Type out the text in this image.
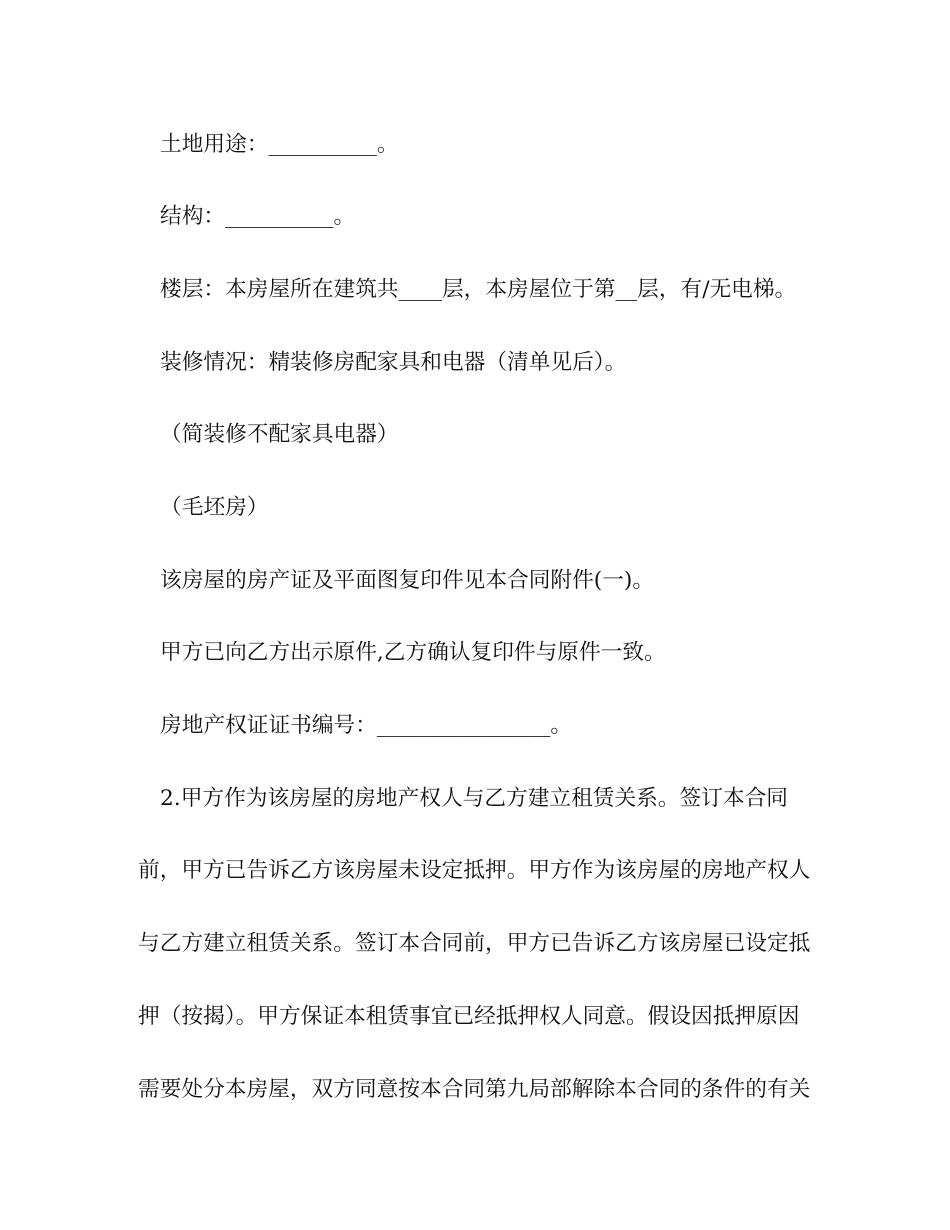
土地用途：__________。
结构：__________。
楼层：本房屋所在建筑共____层，本房屋位于第__层，有/无电梯。
装修情况：精装修房配家具和电器（清单见后）。
（简装修不配家具电器）
（毛坯房）
该房屋的房产证及平面图复印件见本合同附件(一)。
甲方已向乙方出示原件,乙方确认复印件与原件一致。
房地产权证证书编号：________________。
2.甲方作为该房屋的房地产权人与乙方建立租赁关系。签订本合同
前，甲方已告诉乙方该房屋未设定抵押。甲方作为该房屋的房地产权人
与乙方建立租赁关系。签订本合同前，甲方已告诉乙方该房屋已设定抵
押（按揭）。甲方保证本租赁事宜已经抵押权人同意。假设因抵押原因
需要处分本房屋，双方同意按本合同第九局部解除本合同的条件的有关
